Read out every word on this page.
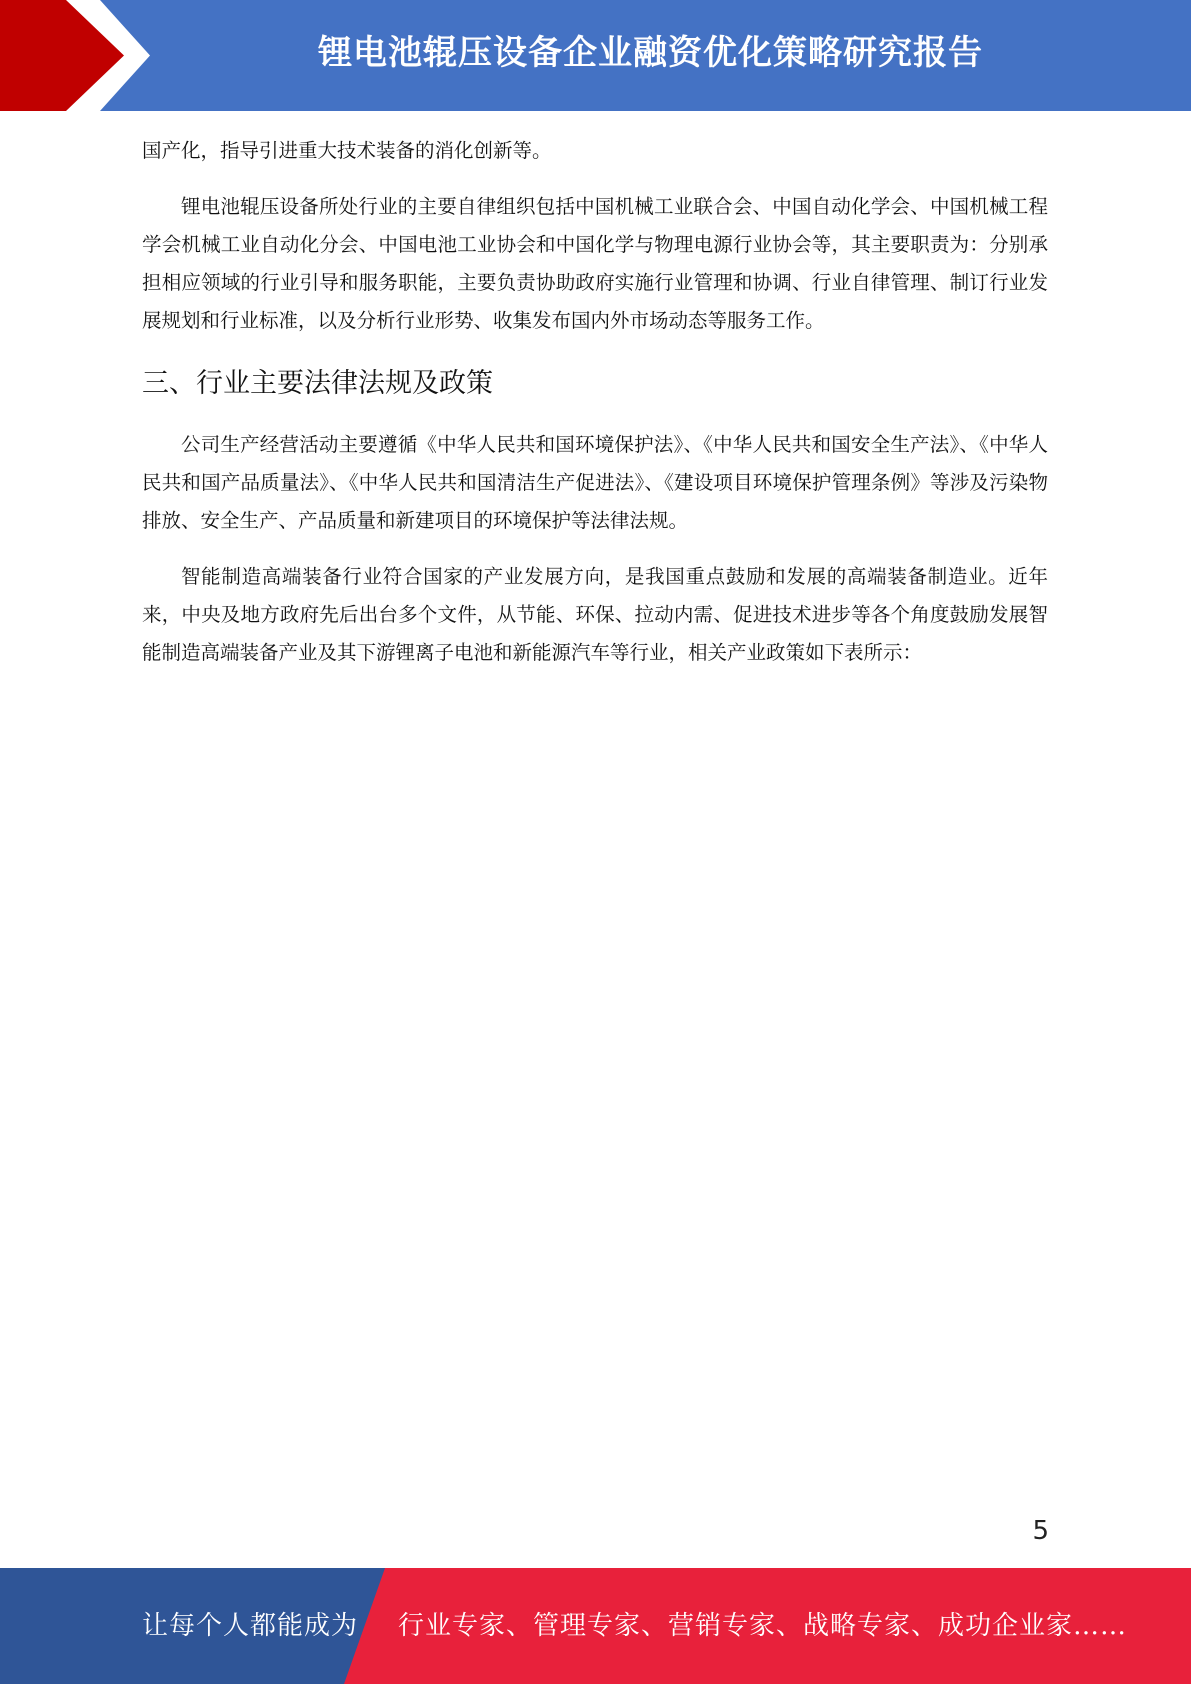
锂电池辊压设备企业融资优化策略研究报告

国产化，指导引进重大技术装备的消化创新等。

锂电池辊压设备所处行业的主要自律组织包括中国机械工业联合会、中国自动化学会、中国机械工程学会机械工业自动化分会、中国电池工业协会和中国化学与物理电源行业协会等，其主要职责为：分别承担相应领域的行业引导和服务职能，主要负责协助政府实施行业管理和协调、行业自律管理、制订行业发展规划和行业标准，以及分析行业形势、收集发布国内外市场动态等服务工作。

三、行业主要法律法规及政策

公司生产经营活动主要遵循《中华人民共和国环境保护法》、《中华人民共和国安全生产法》、《中华人民共和国产品质量法》、《中华人民共和国清洁生产促进法》、《建设项目环境保护管理条例》等涉及污染物排放、安全生产、产品质量和新建项目的环境保护等法律法规。

智能制造高端装备行业符合国家的产业发展方向，是我国重点鼓励和发展的高端装备制造业。近年来，中央及地方政府先后出台多个文件，从节能、环保、拉动内需、促进技术进步等各个角度鼓励发展智能制造高端装备产业及其下游锂离子电池和新能源汽车等行业，相关产业政策如下表所示：

5
让每个人都能成为 行业专家、管理专家、营销专家、战略专家、成功企业家……
